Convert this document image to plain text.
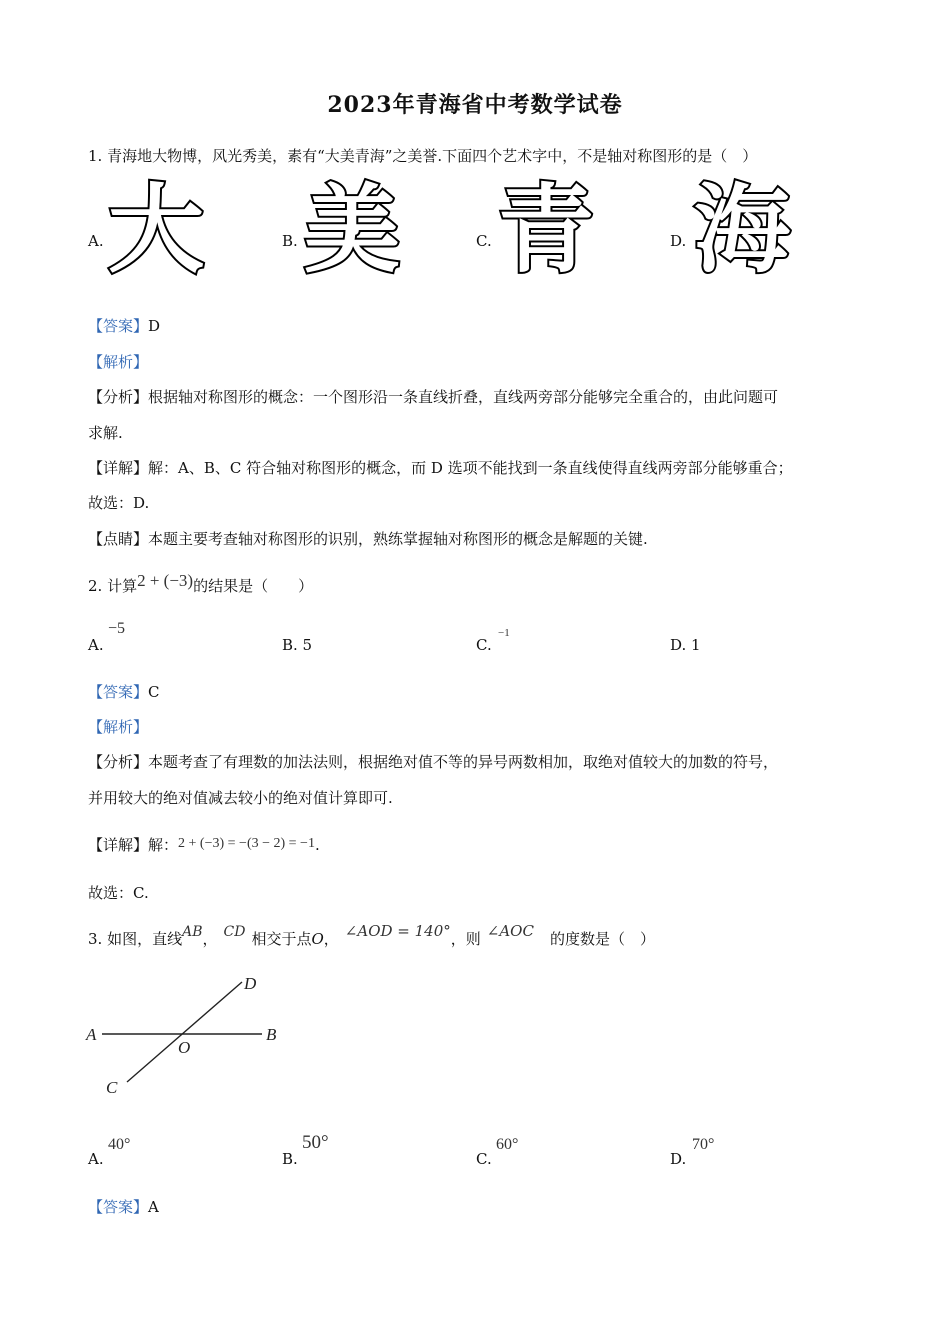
2023年青海省中考数学试卷
1. 青海地大物博，风光秀美，素有“大美青海”之美誉.下面四个艺术字中，不是轴对称图形的是（　）
A. 大	B. 美	C. 青	D. 海
【答案】D
【解析】
【分析】根据轴对称图形的概念：一个图形沿一条直线折叠，直线两旁部分能够完全重合的，由此问题可
求解.
【详解】解：A、B、C 符合轴对称图形的概念，而 D 选项不能找到一条直线使得直线两旁部分能够重合；
故选：D.
【点睛】本题主要考查轴对称图形的识别，熟练掌握轴对称图形的概念是解题的关键.
2. 计算2 + (−3)的结果是（　　）
A.
−5
B. 5	C.
−1
D. 1
【答案】C
【解析】
【分析】本题考查了有理数的加法法则，根据绝对值不等的异号两数相加，取绝对值较大的加数的符号，
并用较大的绝对值减去较小的绝对值计算即可.
【详解】解：2 + (−3) = −(3 − 2) = −1.
故选：C.
3. 如图，直线AB， CD 相交于点O， ∠AOD = 140°，则 ∠AOC 的度数是（　）
A	B
C
D
O
A.
40°
B.
50°
C.
60°
D.
70°
【答案】A
